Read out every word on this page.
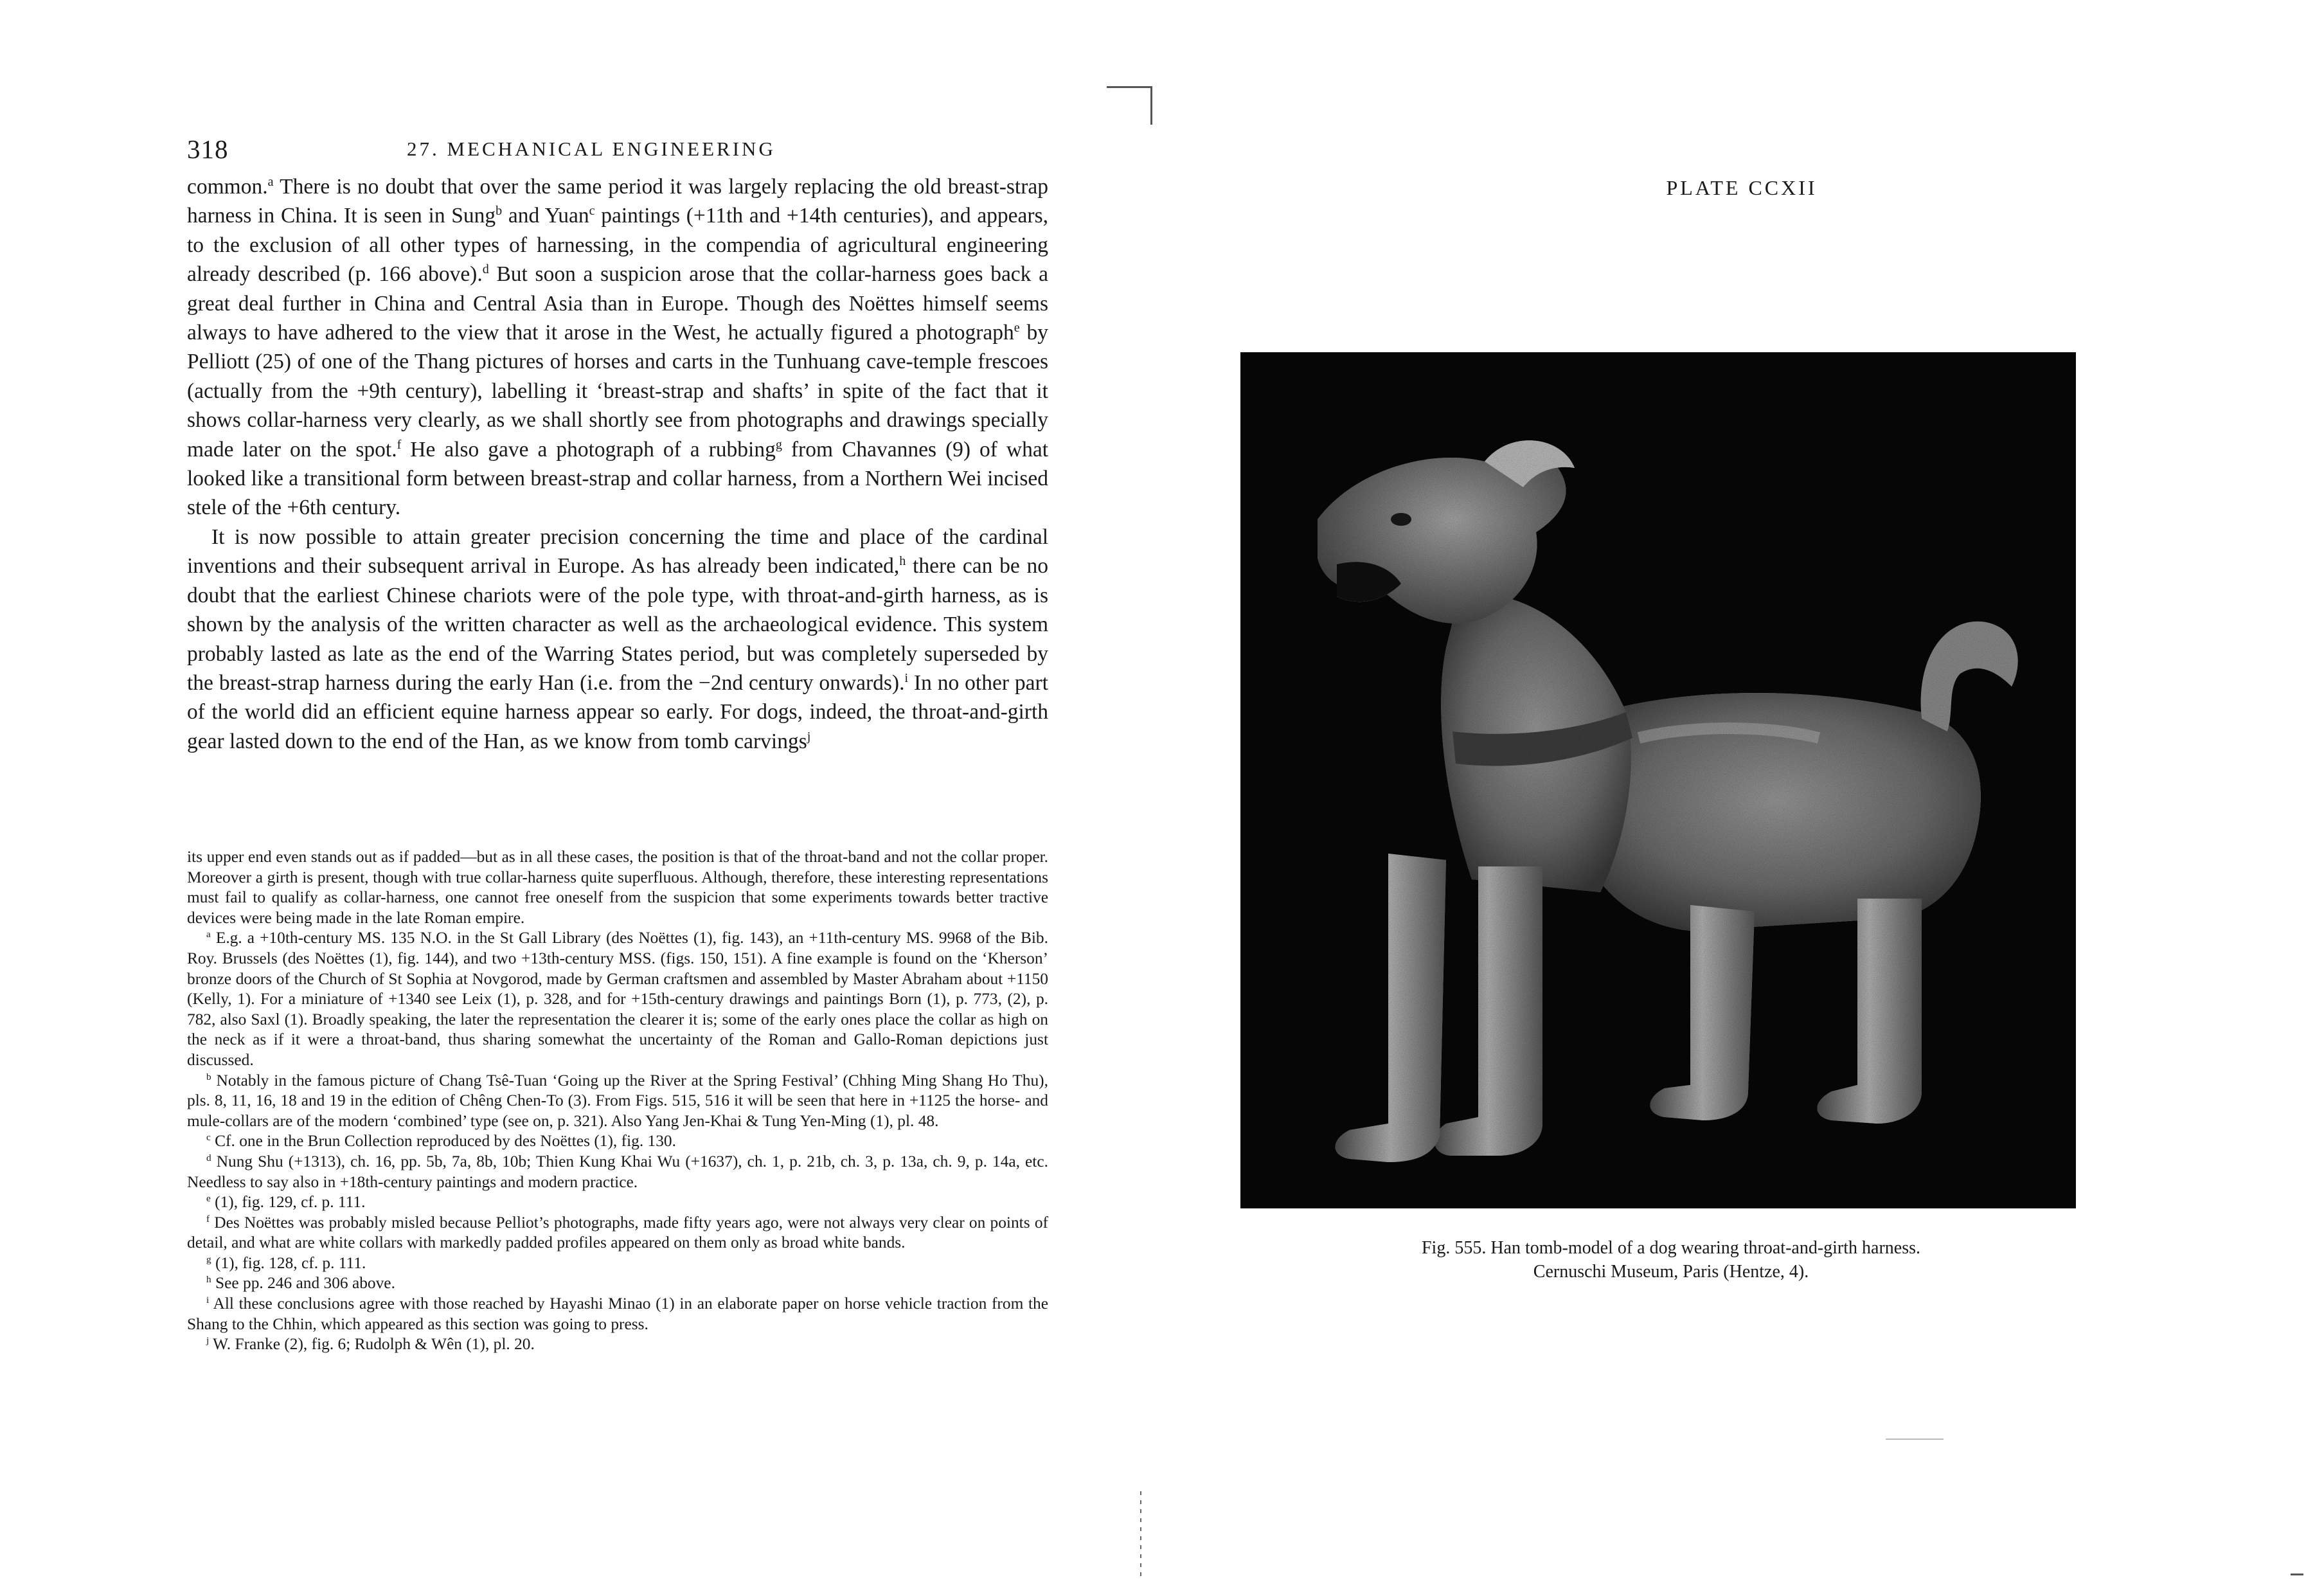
318	27. MECHANICAL ENGINEERING

common.$^a$ There is no doubt that over the same period it was largely replacing the old breast-strap harness in China. It is seen in Sung$^b$ and Yuan$^c$ paintings (+11th and +14th centuries), and appears, to the exclusion of all other types of harnessing, in the compendia of agricultural engineering already described (p. 166 above).$^d$ But soon a suspicion arose that the collar-harness goes back a great deal further in China and Central Asia than in Europe. Though des Noëttes himself seems always to have adhered to the view that it arose in the West, he actually figured a photograph$^e$ by Pelliott (25) of one of the Thang pictures of horses and carts in the Tunhuang cave-temple frescoes (actually from the +9th century), labelling it ‘breast-strap and shafts’ in spite of the fact that it shows collar-harness very clearly, as we shall shortly see from photographs and drawings specially made later on the spot.$^f$ He also gave a photograph of a rubbing$^g$ from Chavannes (9) of what looked like a transitional form between breast-strap and collar harness, from a Northern Wei incised stele of the +6th century.

It is now possible to attain greater precision concerning the time and place of the cardinal inventions and their subsequent arrival in Europe. As has already been indicated,$^h$ there can be no doubt that the earliest Chinese chariots were of the pole type, with throat-and-girth harness, as is shown by the analysis of the written character as well as the archaeological evidence. This system probably lasted as late as the end of the Warring States period, but was completely superseded by the breast-strap harness during the early Han (i.e. from the −2nd century onwards).$^i$ In no other part of the world did an efficient equine harness appear so early. For dogs, indeed, the throat-and-girth gear lasted down to the end of the Han, as we know from tomb carvings$^j$

its upper end even stands out as if padded—but as in all these cases, the position is that of the throat-band and not the collar proper. Moreover a girth is present, though with true collar-harness quite superfluous. Although, therefore, these interesting representations must fail to qualify as collar-harness, one cannot free oneself from the suspicion that some experiments towards better tractive devices were being made in the late Roman empire.

$^a$ E.g. a +10th-century MS. 135 N.O. in the St Gall Library (des Noëttes (1), fig. 143), an +11th-century MS. 9968 of the Bib. Roy. Brussels (des Noëttes (1), fig. 144), and two +13th-century MSS. (figs. 150, 151). A fine example is found on the ‘Kherson’ bronze doors of the Church of St Sophia at Novgorod, made by German craftsmen and assembled by Master Abraham about +1150 (Kelly, 1). For a miniature of +1340 see Leix (1), p. 328, and for +15th-century drawings and paintings Born (1), p. 773, (2), p. 782, also Saxl (1). Broadly speaking, the later the representation the clearer it is; some of the early ones place the collar as high on the neck as if it were a throat-band, thus sharing somewhat the uncertainty of the Roman and Gallo-Roman depictions just discussed.

$^b$ Notably in the famous picture of Chang Tsê-Tuan ‘Going up the River at the Spring Festival’ (Chhing Ming Shang Ho Thu), pls. 8, 11, 16, 18 and 19 in the edition of Chêng Chen-To (3). From Figs. 515, 516 it will be seen that here in +1125 the horse- and mule-collars are of the modern ‘combined’ type (see on, p. 321). Also Yang Jen-Khai & Tung Yen-Ming (1), pl. 48.

$^c$ Cf. one in the Brun Collection reproduced by des Noëttes (1), fig. 130.

$^d$ Nung Shu (+1313), ch. 16, pp. 5b, 7a, 8b, 10b; Thien Kung Khai Wu (+1637), ch. 1, p. 21b, ch. 3, p. 13a, ch. 9, p. 14a, etc. Needless to say also in +18th-century paintings and modern practice.

$^e$ (1), fig. 129, cf. p. 111.

$^f$ Des Noëttes was probably misled because Pelliot’s photographs, made fifty years ago, were not always very clear on points of detail, and what are white collars with markedly padded profiles appeared on them only as broad white bands.

$^g$ (1), fig. 128, cf. p. 111.

$^h$ See pp. 246 and 306 above.

$^i$ All these conclusions agree with those reached by Hayashi Minao (1) in an elaborate paper on horse vehicle traction from the Shang to the Chhin, which appeared as this section was going to press.

$^j$ W. Franke (2), fig. 6; Rudolph & Wên (1), pl. 20.

PLATE CCXII
Fig. 555. Han tomb-model of a dog wearing throat-and-girth harness.
Cernuschi Museum, Paris (Hentze, 4).
